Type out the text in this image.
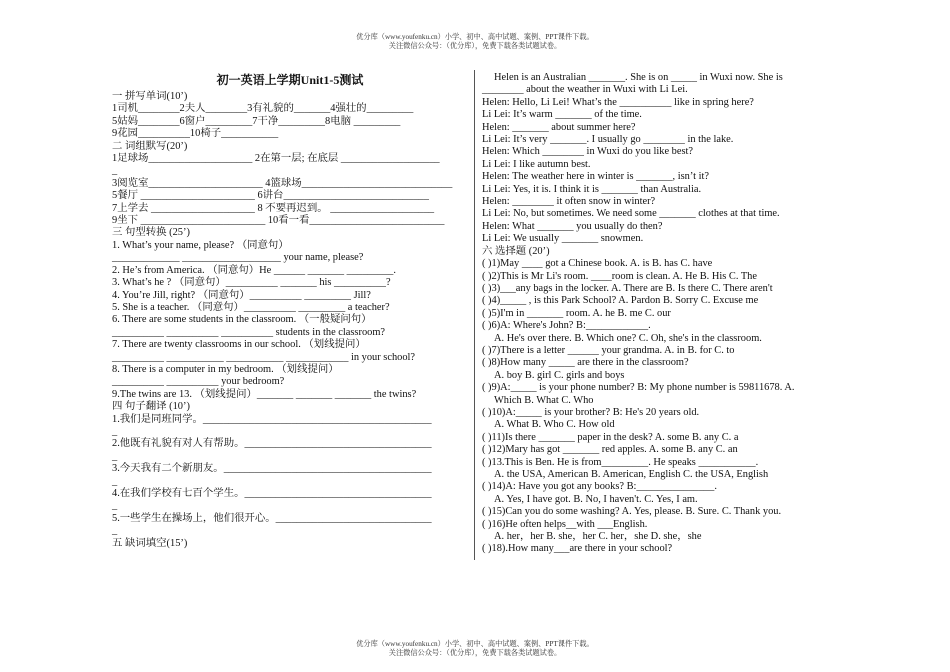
优分库（www.youfenku.cn）小学、初中、高中试题、案例、PPT课件下载。
关注微信公众号：（优分库），免费下载各类试题试卷。
初一英语上学期Unit1-5测试
一 拼写单词(10’)
1司机________2夫人________3有礼貌的_______4强壮的_________
5姑妈________6窗户_________7干净_________8电脑 _________
9花园__________10椅子___________
二 词组默写(20’)
1足球场____________________ 2在第一层; 在底层 ___________________
_
3阅览室______________________ 4篮球场_____________________________
5餐厅 ______________________ 6讲台____________________________
7上学去 ____________________ 8 不要再迟到。 ____________________
9坐下 ________________________ 10看一看__________________________
三 句型转换 (25’)
1. What’s your name, please? （同意句）
_____________ ___________________ your name, please?
2. He’s from America. （同意句）He ______ _______ _________.
3. What’s he ? （同意句）__________ _______ his __________?
4. You’re Jill, right? （同意句）__________ _________ Jill?
5. She is a teacher. （同意句）__________ _________ a teacher?
6. There are some students in the classroom. （一般疑问句）
__________ __________ __________ students in the classroom?
7. There are twenty classrooms in our school. （划线提问）
__________ ___________ ___________ ____________ in your school?
8. There is a computer in my bedroom. （划线提问）
__________ __________ your bedroom?
9.The twins are 13. （划线提问）_______ _______ _______ the twins?
四 句子翻译 (10’)
1.我们是同班同学。____________________________________________
_
2.他既有礼貌有对人有帮助。____________________________________
_
3.今天我有二个新朋友。________________________________________
_
4.在我们学校有七百个学生。____________________________________
_
5.一些学生在操场上，他们很开心。______________________________
_
五 缺词填空(15’)
Helen is an Australian _______. She is on _____ in Wuxi now. She is
________ about the weather in Wuxi with Li Lei.
Helen: Hello, Li Lei! What’s the __________ like in spring here?
Li Lei: It’s warm _______ of the time.
Helen: _______ about summer here?
Li Lei: It’s very _______. I usually go ________ in the lake.
Helen: Which ________ in Wuxi do you like best?
Li Lei: I like autumn best.
Helen: The weather here in winter is _______, isn’t it?
Li Lei: Yes, it is. I think it is _______ than Australia.
Helen: ________ it often snow in winter?
Li Lei: No, but sometimes. We need some _______ clothes at that time.
Helen: What _______ you usually do then?
Li Lei: We usually _______ snowmen.
六 选择题 (20’)
( )1)May ____ got a Chinese book. A. is B. has C. have
( )2)This is Mr Li's room. ____room is clean. A. He B. His C. The
( )3)___any bags in the locker. A. There are B. Is there C. There aren't
( )4)_____ , is this Park School? A. Pardon B. Sorry C. Excuse me
( )5)I'm in _______ room. A. he B. me C. our
( )6)A: Where's John? B:____________.
A. He's over there. B. Which one? C. Oh, she's in the classroom.
( )7)There is a letter ______ your grandma. A. in B. for C. to
( )8)How many _____ are there in the classroom?
A. boy B. girl C. girls and boys
( )9)A:_____ is your phone number? B: My phone number is 59811678. A.
Which B. What C. Who
( )10)A:_____ is your brother? B: He's 20 years old.
A. What B. Who C. How old
( )11)Is there _______ paper in the desk? A. some B. any C. a
( )12)Mary has got _______ red apples. A. some B. any C. an
( )13.This is Ben. He is from_________. He speaks ___________.
A. the USA, American B. American, English C. the USA, English
( )14)A: Have you got any books? B:_______________.
A. Yes, I have got. B. No, I haven't. C. Yes, I am.
( )15)Can you do some washing? A. Yes, please. B. Sure. C. Thank you.
( )16)He often helps__with ___English.
A. her，her B. she，her C. her，she D. she，she
( )18).How many___are there in your school?
优分库（www.youfenku.cn）小学、初中、高中试题、案例、PPT课件下载。
关注微信公众号：（优分库），免费下载各类试题试卷。
